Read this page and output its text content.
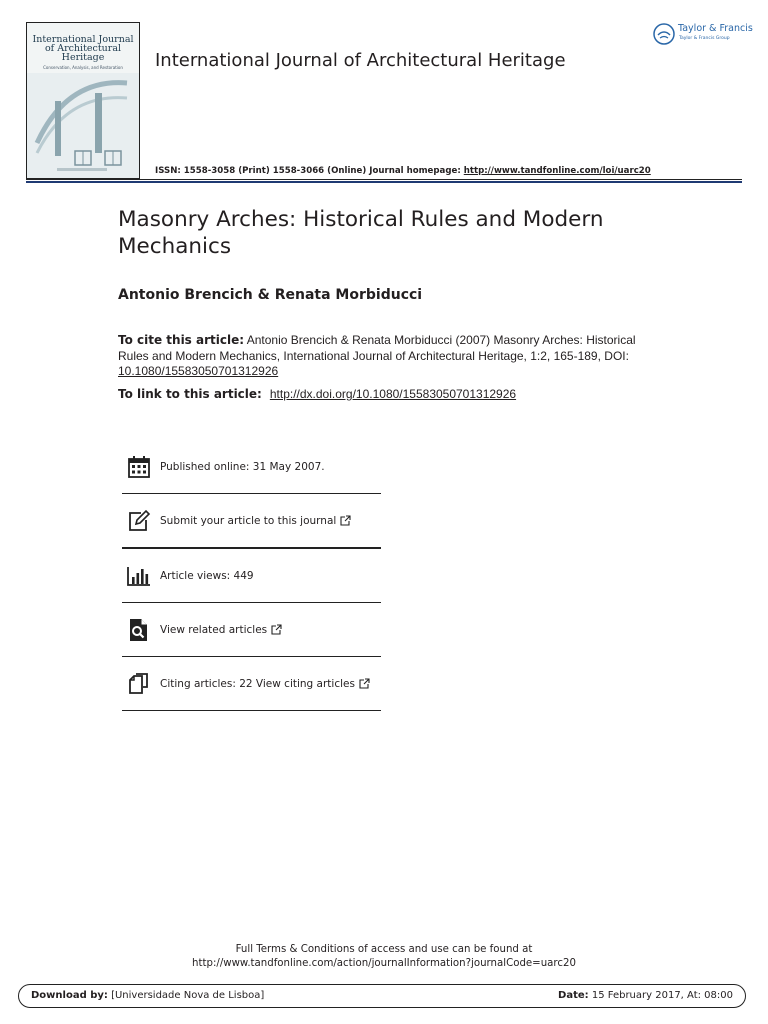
International Journal of Architectural Heritage
Conservation, Analysis, and Restoration	International Journal of Architectural Heritage
Taylor & Francis
Taylor & Francis Group
ISSN: 1558-3058 (Print) 1558-3066 (Online) Journal homepage: http://www.tandfonline.com/loi/uarc20
Masonry Arches: Historical Rules and Modern Mechanics
Antonio Brencich & Renata Morbiducci
To cite this article: Antonio Brencich & Renata Morbiducci (2007) Masonry Arches: Historical Rules and Modern Mechanics, International Journal of Architectural Heritage, 1:2, 165-189, DOI: 10.1080/15583050701312926
To link to this article:  http://dx.doi.org/10.1080/15583050701312926
Published online: 31 May 2007.
Submit your article to this journal
Article views: 449
View related articles
Citing articles: 22 View citing articles
Full Terms & Conditions of access and use can be found at
http://www.tandfonline.com/action/journalInformation?journalCode=uarc20
Download by: [Universidade Nova de Lisboa]	Date: 15 February 2017, At: 08:00
